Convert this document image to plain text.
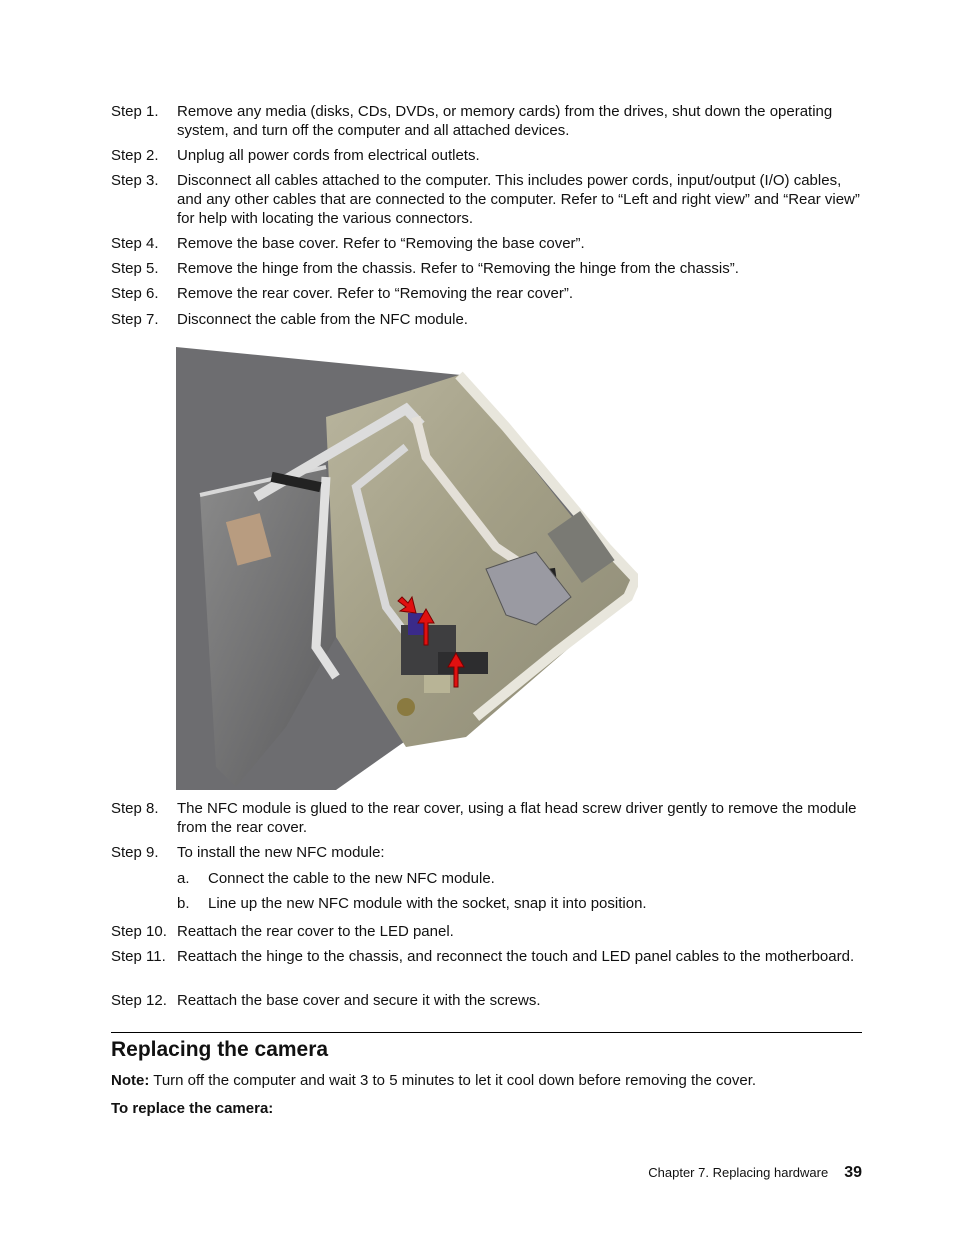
Step 1.	Remove any media (disks, CDs, DVDs, or memory cards) from the drives, shut down the operating system, and turn off the computer and all attached devices.
Step 2.	Unplug all power cords from electrical outlets.
Step 3.	Disconnect all cables attached to the computer. This includes power cords, input/output (I/O) cables, and any other cables that are connected to the computer. Refer to “Left and right view” and “Rear view” for help with locating the various connectors.
Step 4.	Remove the base cover. Refer to “Removing the base cover”.
Step 5.	Remove the hinge from the chassis. Refer to “Removing the hinge from the chassis”.
Step 6.	Remove the rear cover. Refer to “Removing the rear cover”.
Step 7.	Disconnect the cable from the NFC module.
Step 8.	The NFC module is glued to the rear cover, using a flat head screw driver gently to remove the module from the rear cover.
Step 9.	To install the new NFC module:
a.	Connect the cable to the new NFC module.
b.	Line up the new NFC module with the socket, snap it into position.
Step 10. Reattach the rear cover to the LED panel.
Step 11. Reattach the hinge to the chassis, and reconnect the touch and LED panel cables to the motherboard.
Step 12. Reattach the base cover and secure it with the screws.
Replacing the camera
Note: Turn off the computer and wait 3 to 5 minutes to let it cool down before removing the cover.
To replace the camera:
Chapter 7. Replacing hardware 39
